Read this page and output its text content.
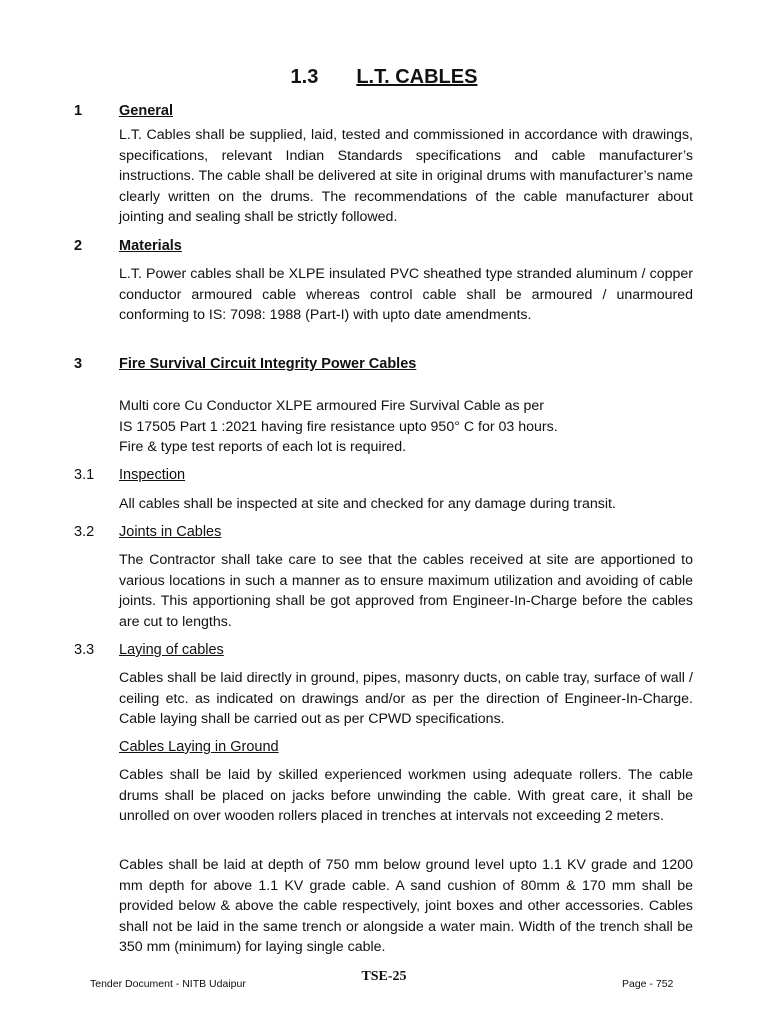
1.3 L.T. CABLES
1	General
L.T. Cables shall be supplied, laid, tested and commissioned in accordance with drawings, specifications, relevant Indian Standards specifications and cable manufacturer’s instructions. The cable shall be delivered at site in original drums with manufacturer’s name clearly written on the drums. The recommendations of the cable manufacturer about jointing and sealing shall be strictly followed.
2	Materials
L.T. Power cables shall be XLPE insulated PVC sheathed type stranded aluminum / copper conductor armoured cable whereas control cable shall be armoured / unarmoured conforming to IS: 7098: 1988 (Part-I) with upto date amendments.
3	Fire Survival Circuit Integrity Power Cables
Multi core Cu Conductor XLPE armoured Fire Survival Cable as per
IS 17505 Part 1 :2021 having fire resistance upto 950° C for 03 hours.
Fire & type test reports of each lot is required.
3.1 Inspection
All cables shall be inspected at site and checked for any damage during transit.
3.2 Joints in Cables
The Contractor shall take care to see that the cables received at site are apportioned to various locations in such a manner as to ensure maximum utilization and avoiding of cable joints. This apportioning shall be got approved from Engineer-In-Charge before the cables are cut to lengths.
3.3 Laying of cables
Cables shall be laid directly in ground, pipes, masonry ducts, on cable tray, surface of wall / ceiling etc. as indicated on drawings and/or as per the direction of Engineer-In-Charge. Cable laying shall be carried out as per CPWD specifications.
Cables Laying in Ground
Cables shall be laid by skilled experienced workmen using adequate rollers. The cable drums shall be placed on jacks before unwinding the cable. With great care, it shall be unrolled on over wooden rollers placed in trenches at intervals not exceeding 2 meters.
Cables shall be laid at depth of 750 mm below ground level upto 1.1 KV grade and 1200 mm depth for above 1.1 KV grade cable. A sand cushion of 80mm & 170 mm shall be provided below & above the cable respectively, joint boxes and other accessories. Cables shall not be laid in the same trench or alongside a water main. Width of the trench shall be 350 mm (minimum) for laying single cable.
Tender Document - NITB Udaipur	TSE-25	Page - 752
